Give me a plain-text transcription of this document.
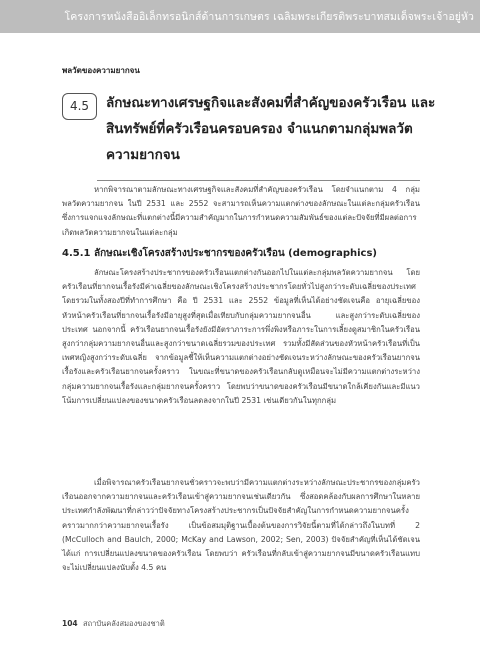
โครงการหนังสืออิเล็กทรอนิกส์ด้านการเกษตร เฉลิมพระเกียรติพระบาทสมเด็จพระเจ้าอยู่หัว
พลวัตของความยากจน
4.5	ลักษณะทางเศรษฐกิจและสังคมที่สำคัญของครัวเรือน และสินทรัพย์ที่ครัวเรือนครอบครอง จำแนกตามกลุ่มพลวัตความยากจน

หากพิจารณาตามลักษณะทางเศรษฐกิจและสังคมที่สำคัญของครัวเรือน โดยจำแนกตาม 4 กลุ่มพลวัตความยากจน ในปี 2531 และ 2552 จะสามารถเห็นความแตกต่างของลักษณะในแต่ละกลุ่มครัวเรือน ซึ่งการแจกแจงลักษณะที่แตกต่างนี้มีความสำคัญมากในการกำหนดความสัมพันธ์ของแต่ละปัจจัยที่มีผลต่อการเกิดพลวัตความยากจนในแต่ละกลุ่ม

4.5.1 ลักษณะเชิงโครงสร้างประชากรของครัวเรือน (demographics)

ลักษณะโครงสร้างประชากรของครัวเรือนแตกต่างกันออกไปในแต่ละกลุ่มพลวัตความยากจน โดยครัวเรือนที่ยากจนเรื้อรังมีค่าเฉลี่ยของลักษณะเชิงโครงสร้างประชากรโดยทั่วไปสูงกว่าระดับเฉลี่ยของประเทศโดยรวมในทั้งสองปีที่ทำการศึกษา คือ ปี 2531 และ 2552 ข้อมูลที่เห็นได้อย่างชัดเจนคือ อายุเฉลี่ยของหัวหน้าครัวเรือนที่ยากจนเรื้อรังมีอายุสูงที่สุดเมื่อเทียบกับกลุ่มความยากจนอื่น และสูงกว่าระดับเฉลี่ยของประเทศ นอกจากนี้ ครัวเรือนยากจนเรื้อรังยังมีอัตราภาระการพึ่งพิงหรือภาระในการเลี้ยงดูสมาชิกในครัวเรือนสูงกว่ากลุ่มความยากจนอื่นและสูงกว่าขนาดเฉลี่ยรวมของประเทศ รวมทั้งมีสัดส่วนของหัวหน้าครัวเรือนที่เป็นเพศหญิงสูงกว่าระดับเฉลี่ย จากข้อมูลชี้ให้เห็นความแตกต่างอย่างชัดเจนระหว่างลักษณะของครัวเรือนยากจนเรื้อรังและครัวเรือนยากจนครั้งคราว ในขณะที่ขนาดของครัวเรือนกลับดูเหมือนจะไม่มีความแตกต่างระหว่างกลุ่มความยากจนเรื้อรังและกลุ่มยากจนครั้งคราว โดยพบว่าขนาดของครัวเรือนมีขนาดใกล้เคียงกันและมีแนวโน้มการเปลี่ยนแปลงของขนาดครัวเรือนลดลงจากในปี 2531 เช่นเดียวกันในทุกกลุ่ม

เมื่อพิจารณาครัวเรือนยากจนชั่วคราวจะพบว่ามีความแตกต่างระหว่างลักษณะประชากรของกลุ่มครัวเรือนออกจากความยากจนและครัวเรือนเข้าสู่ความยากจนเช่นเดียวกัน ซึ่งสอดคล้องกับผลการศึกษาในหลายประเทศกำลังพัฒนาที่กล่าวว่าปัจจัยทางโครงสร้างประชากรเป็นปัจจัยสำคัญในการกำหนดความยากจนครั้งคราวมากกว่าความยากจนเรื้อรัง เป็นข้อสมมุติฐานเบื้องต้นของการวิจัยนี้ตามที่ได้กล่าวถึงในบทที่ 2 (McCulloch and Baulch, 2000; McKay and Lawson, 2002; Sen, 2003) ปัจจัยสำคัญที่เห็นได้ชัดเจนได้แก่ การเปลี่ยนแปลงขนาดของครัวเรือน โดยพบว่า ครัวเรือนที่กลับเข้าสู่ความยากจนมีขนาดครัวเรือนแทบจะไม่เปลี่ยนแปลงนับตั้ง 4.5 คน

104 สถาบันคลังสมองของชาติ
